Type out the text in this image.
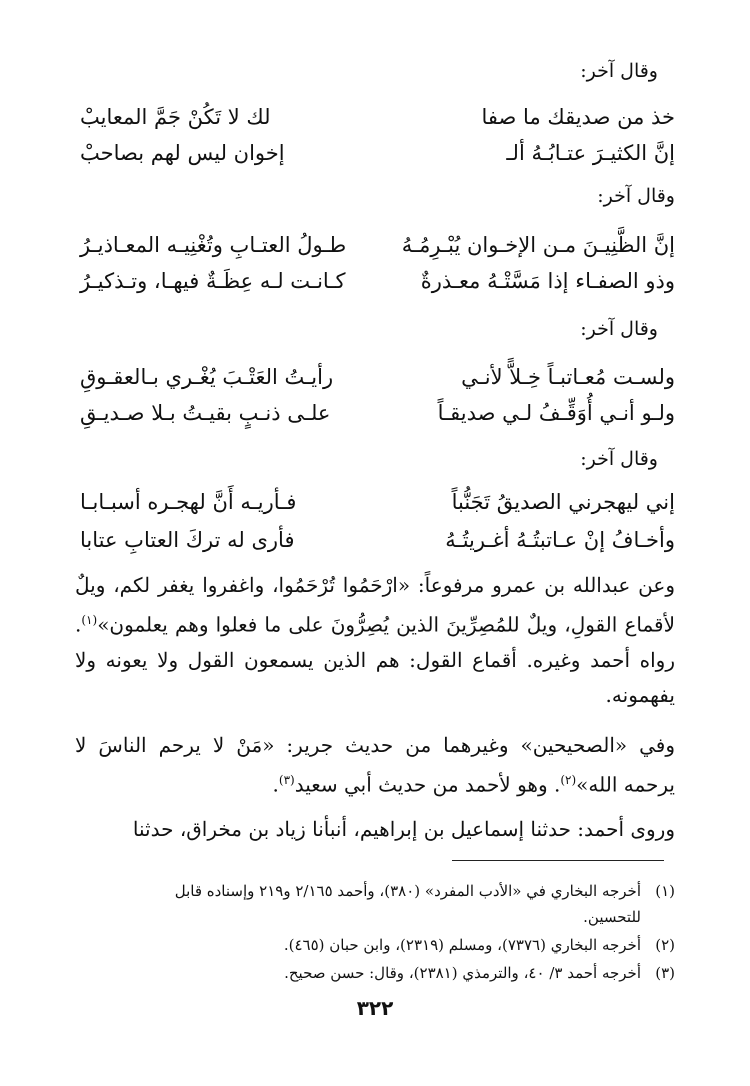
وقال آخر:
خذ من صديقك ما صفا
لك لا تَكُنْ جَمَّ المعايبْ
إنَّ الكثيـرَ عتـابُـهُ ألـ
إخوان ليس لهم بصاحبْ
وقال آخر:
إنَّ الظَّنِيـنَ مـن الإخـوان يُبْـرِمُـهُ
طـولُ العتـابِ وتُغْنِيـه المعـاذيـرُ
وذو الصفـاء إذا مَسَّتْـهُ معـذرةٌ
كـانـت لـه عِظَـةٌ فيهـا، وتـذكيـرُ
وقال آخر:
ولسـت مُعـاتبـاً خِـلاًّ لأنـي
رأيـتُ العَتْـبَ يُغْـري بـالعقـوقِ
ولـو أنـي أُوَقِّـفُ لـي صديقـاً
علـى ذنـبٍ بقيـتُ بـلا صـديـقِ
وقال آخر:
إني ليهجرني الصديقُ تَجَنُّباً
فـأريـه أَنَّ لهجـره أسبـابـا
وأخـافُ إنْ عـاتبتُـهُ أغـريتُـهُ
فأرى له تركَ العتابِ عتابا
وعن عبدالله بن عمرو مرفوعاً: «ارْحَمُوا تُرْحَمُوا، واغفروا يغفر لكم، ويلٌ لأقماع القولِ، ويلٌ للمُصِرِّينَ الذين يُصِرُّونَ على ما فعلوا وهم يعلمون»$^{(١)}$. رواه أحمد وغيره. أقماع القول: هم الذين يسمعون القول ولا يعونه ولا يفهمونه.
وفي «الصحيحين» وغيرهما من حديث جرير: «مَنْ لا يرحم الناسَ لا يرحمه الله»$^{(٢)}$. وهو لأحمد من حديث أبي سعيد$^{(٣)}$.
وروى أحمد: حدثنا إسماعيل بن إبراهيم، أنبأنا زياد بن مخراق، حدثنا
(١)أخرجه البخاري في «الأدب المفرد» (٣٨٠)، وأحمد ٢/١٦٥ و٢١٩ وإسناده قابل
للتحسين.
(٢)أخرجه البخاري (٧٣٧٦)، ومسلم (٢٣١٩)، وابن حبان (٤٦٥).
(٣)أخرجه أحمد ٣/ ٤٠، والترمذي (٢٣٨١)، وقال: حسن صحيح.
٣٢٢
